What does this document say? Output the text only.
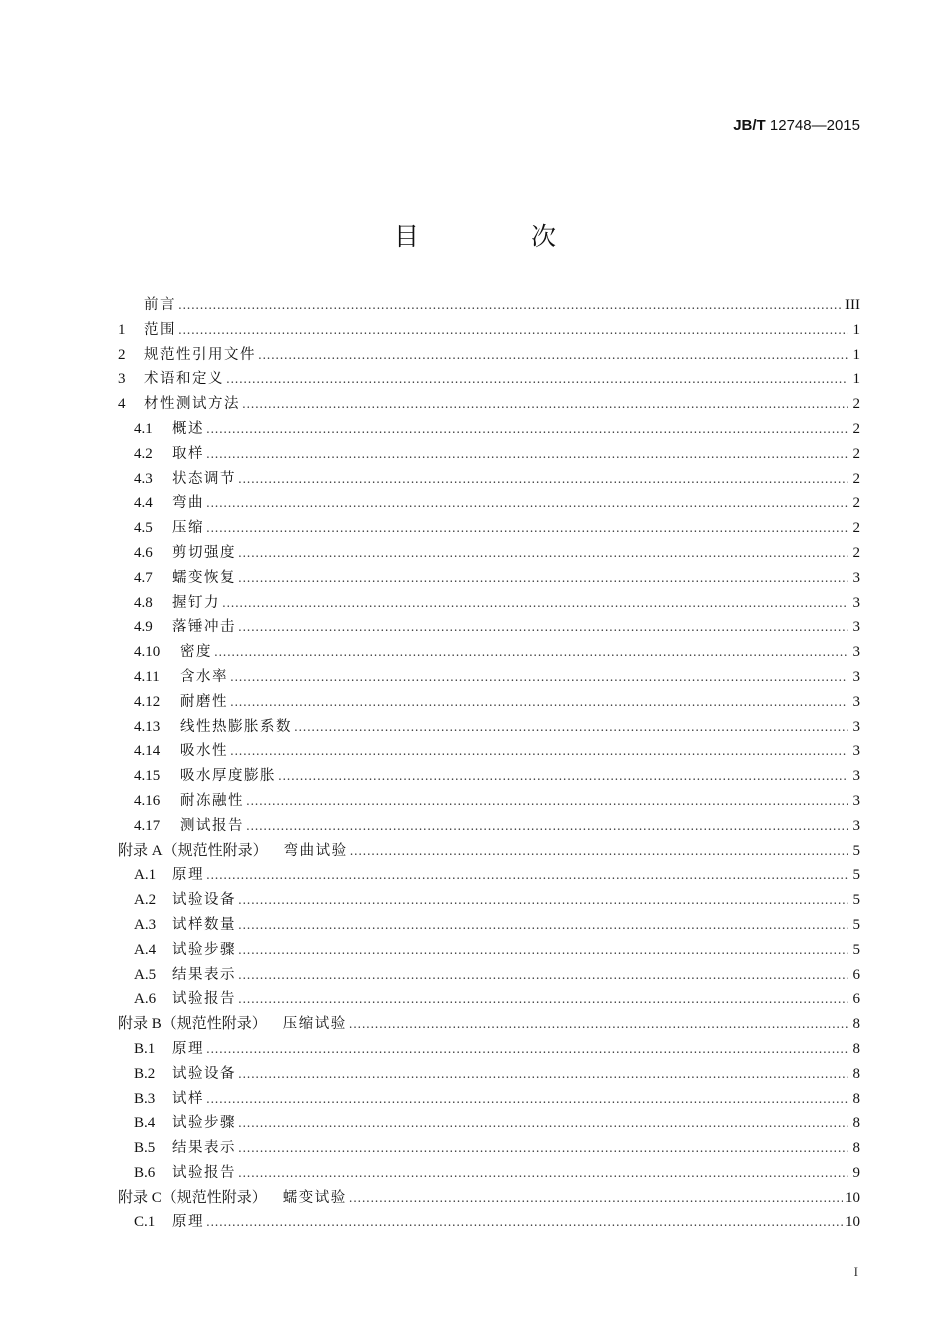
JB/T 12748—2015
目 次
前言 .....	III
1	范围 .....	1
2	规范性引用文件 .....	1
3	术语和定义 .....	1
4	材性测试方法 .....	2
4.1	概述 .....	2
4.2	取样 .....	2
4.3	状态调节 .....	2
4.4	弯曲 .....	2
4.5	压缩 .....	2
4.6	剪切强度 .....	2
4.7	蠕变恢复 .....	3
4.8	握钉力 .....	3
4.9	落锤冲击 .....	3
4.10	密度 .....	3
4.11	含水率 .....	3
4.12	耐磨性 .....	3
4.13	线性热膨胀系数 .....	3
4.14	吸水性 .....	3
4.15	吸水厚度膨胀 .....	3
4.16	耐冻融性 .....	3
4.17	测试报告 .....	3
附录 A（规范性附录） 　弯曲试验 .....	5
A.1	原理 .....	5
A.2	试验设备 .....	5
A.3	试样数量 .....	5
A.4	试验步骤 .....	5
A.5	结果表示 .....	6
A.6	试验报告 .....	6
附录 B（规范性附录） 　压缩试验 .....	8
B.1	原理 .....	8
B.2	试验设备 .....	8
B.3	试样 .....	8
B.4	试验步骤 .....	8
B.5	结果表示 .....	8
B.6	试验报告 .....	9
附录 C（规范性附录） 　蠕变试验 .....	10
C.1	原理 .....	10
I
